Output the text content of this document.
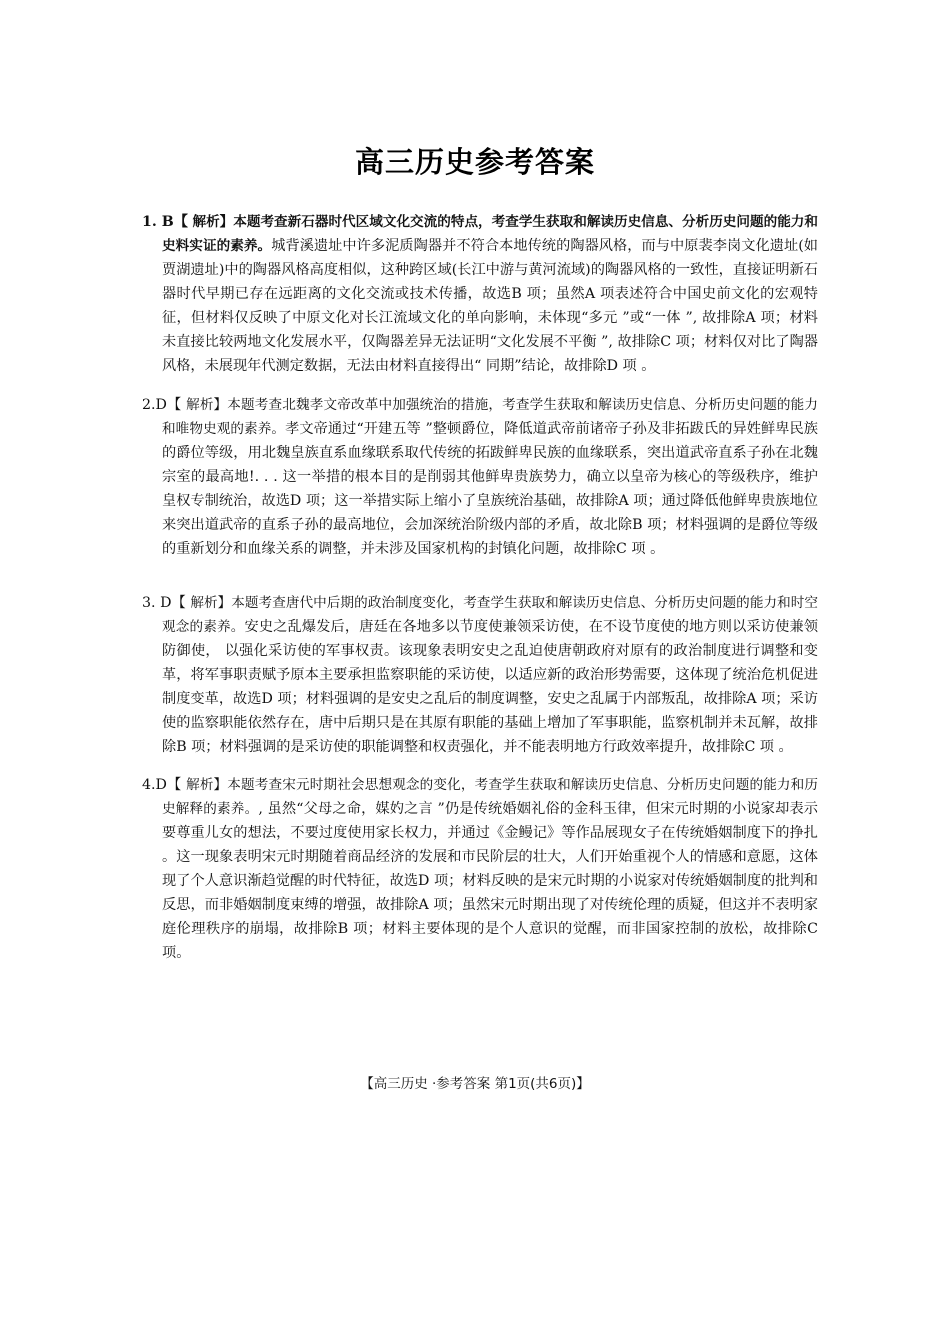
高三历史参考答案

1. B【 解析】本题考查新石器时代区域文化交流的特点，考查学生获取和解读历史信息、分析历史问题的能力和史料实证的素养。城背溪遗址中许多泥质陶器并不符合本地传统的陶器风格，而与中原裴李岗文化遗址(如贾湖遗址)中的陶器风格高度相似，这种跨区域(长江中游与黄河流域)的陶器风格的一致性，直接证明新石器时代早期已存在远距离的文化交流或技术传播，故选B 项；虽然A 项表述符合中国史前文化的宏观特征，但材料仅反映了中原文化对长江流域文化的单向影响，未体现“多元 ”或“一体 ”, 故排除A 项；材料未直接比较两地文化发展水平，仅陶器差异无法证明“文化发展不平衡 ”, 故排除C 项；材料仅对比了陶器风格，未展现年代测定数据，无法由材料直接得出“ 同期”结论，故排除D 项 。

2.D【 解析】本题考查北魏孝文帝改革中加强统治的措施，考查学生获取和解读历史信息、分析历史问题的能力和唯物史观的素养。孝文帝通过“开建五等 ”整顿爵位，降低道武帝前诸帝子孙及非拓跋氏的异姓鲜卑民族的爵位等级，用北魏皇族直系血缘联系取代传统的拓跋鲜卑民族的血缘联系，突出道武帝直系子孙在北魏宗室的最高地!. . . 这一举措的根本目的是削弱其他鲜卑贵族势力，确立以皇帝为核心的等级秩序，维护皇权专制统治，故选D 项；这一举措实际上缩小了皇族统治基础，故排除A 项；通过降低他鲜卑贵族地位来突出道武帝的直系子孙的最高地位，会加深统治阶级内部的矛盾，故北除B 项；材料强调的是爵位等级的重新划分和血缘关系的调整，并未涉及国家机构的封镇化问题，故排除C 项 。

3. D【 解析】本题考查唐代中后期的政治制度变化，考查学生获取和解读历史信息、分析历史问题的能力和时空观念的素养。安史之乱爆发后，唐廷在各地多以节度使兼领采访使，在不设节度使的地方则以采访使兼领防御使， 以强化采访使的军事权责。该现象表明安史之乱迫使唐朝政府对原有的政治制度进行调整和变革，将军事职责赋予原本主要承担监察职能的采访使，以适应新的政治形势需要，这体现了统治危机促进制度变革，故选D 项；材料强调的是安史之乱后的制度调整，安史之乱属于内部叛乱，故排除A 项；采访使的监察职能依然存在，唐中后期只是在其原有职能的基础上增加了军事职能，监察机制并未瓦解，故排除B 项；材料强调的是采访使的职能调整和权责强化，并不能表明地方行政效率提升，故排除C 项 。

4.D【 解析】本题考查宋元时期社会思想观念的变化，考查学生获取和解读历史信息、分析历史问题的能力和历史解释的素养。, 虽然“父母之命，媒妁之言 ”仍是传统婚姻礼俗的金科玉律，但宋元时期的小说家却表示要尊重儿女的想法，不要过度使用家长权力，并通过《金鳗记》等作品展现女子在传统婚姻制度下的挣扎 。这一现象表明宋元时期随着商品经济的发展和市民阶层的壮大，人们开始重视个人的情感和意愿，这体现了个人意识渐趋觉醒的时代特征，故选D 项；材料反映的是宋元时期的小说家对传统婚姻制度的批判和反思，而非婚姻制度束缚的增强，故排除A 项；虽然宋元时期出现了对传统伦理的质疑，但这并不表明家庭伦理秩序的崩塌，故排除B 项；材料主要体现的是个人意识的觉醒，而非国家控制的放松，故排除C 项。

【高三历史 ·参考答案 第1页(共6页)】
